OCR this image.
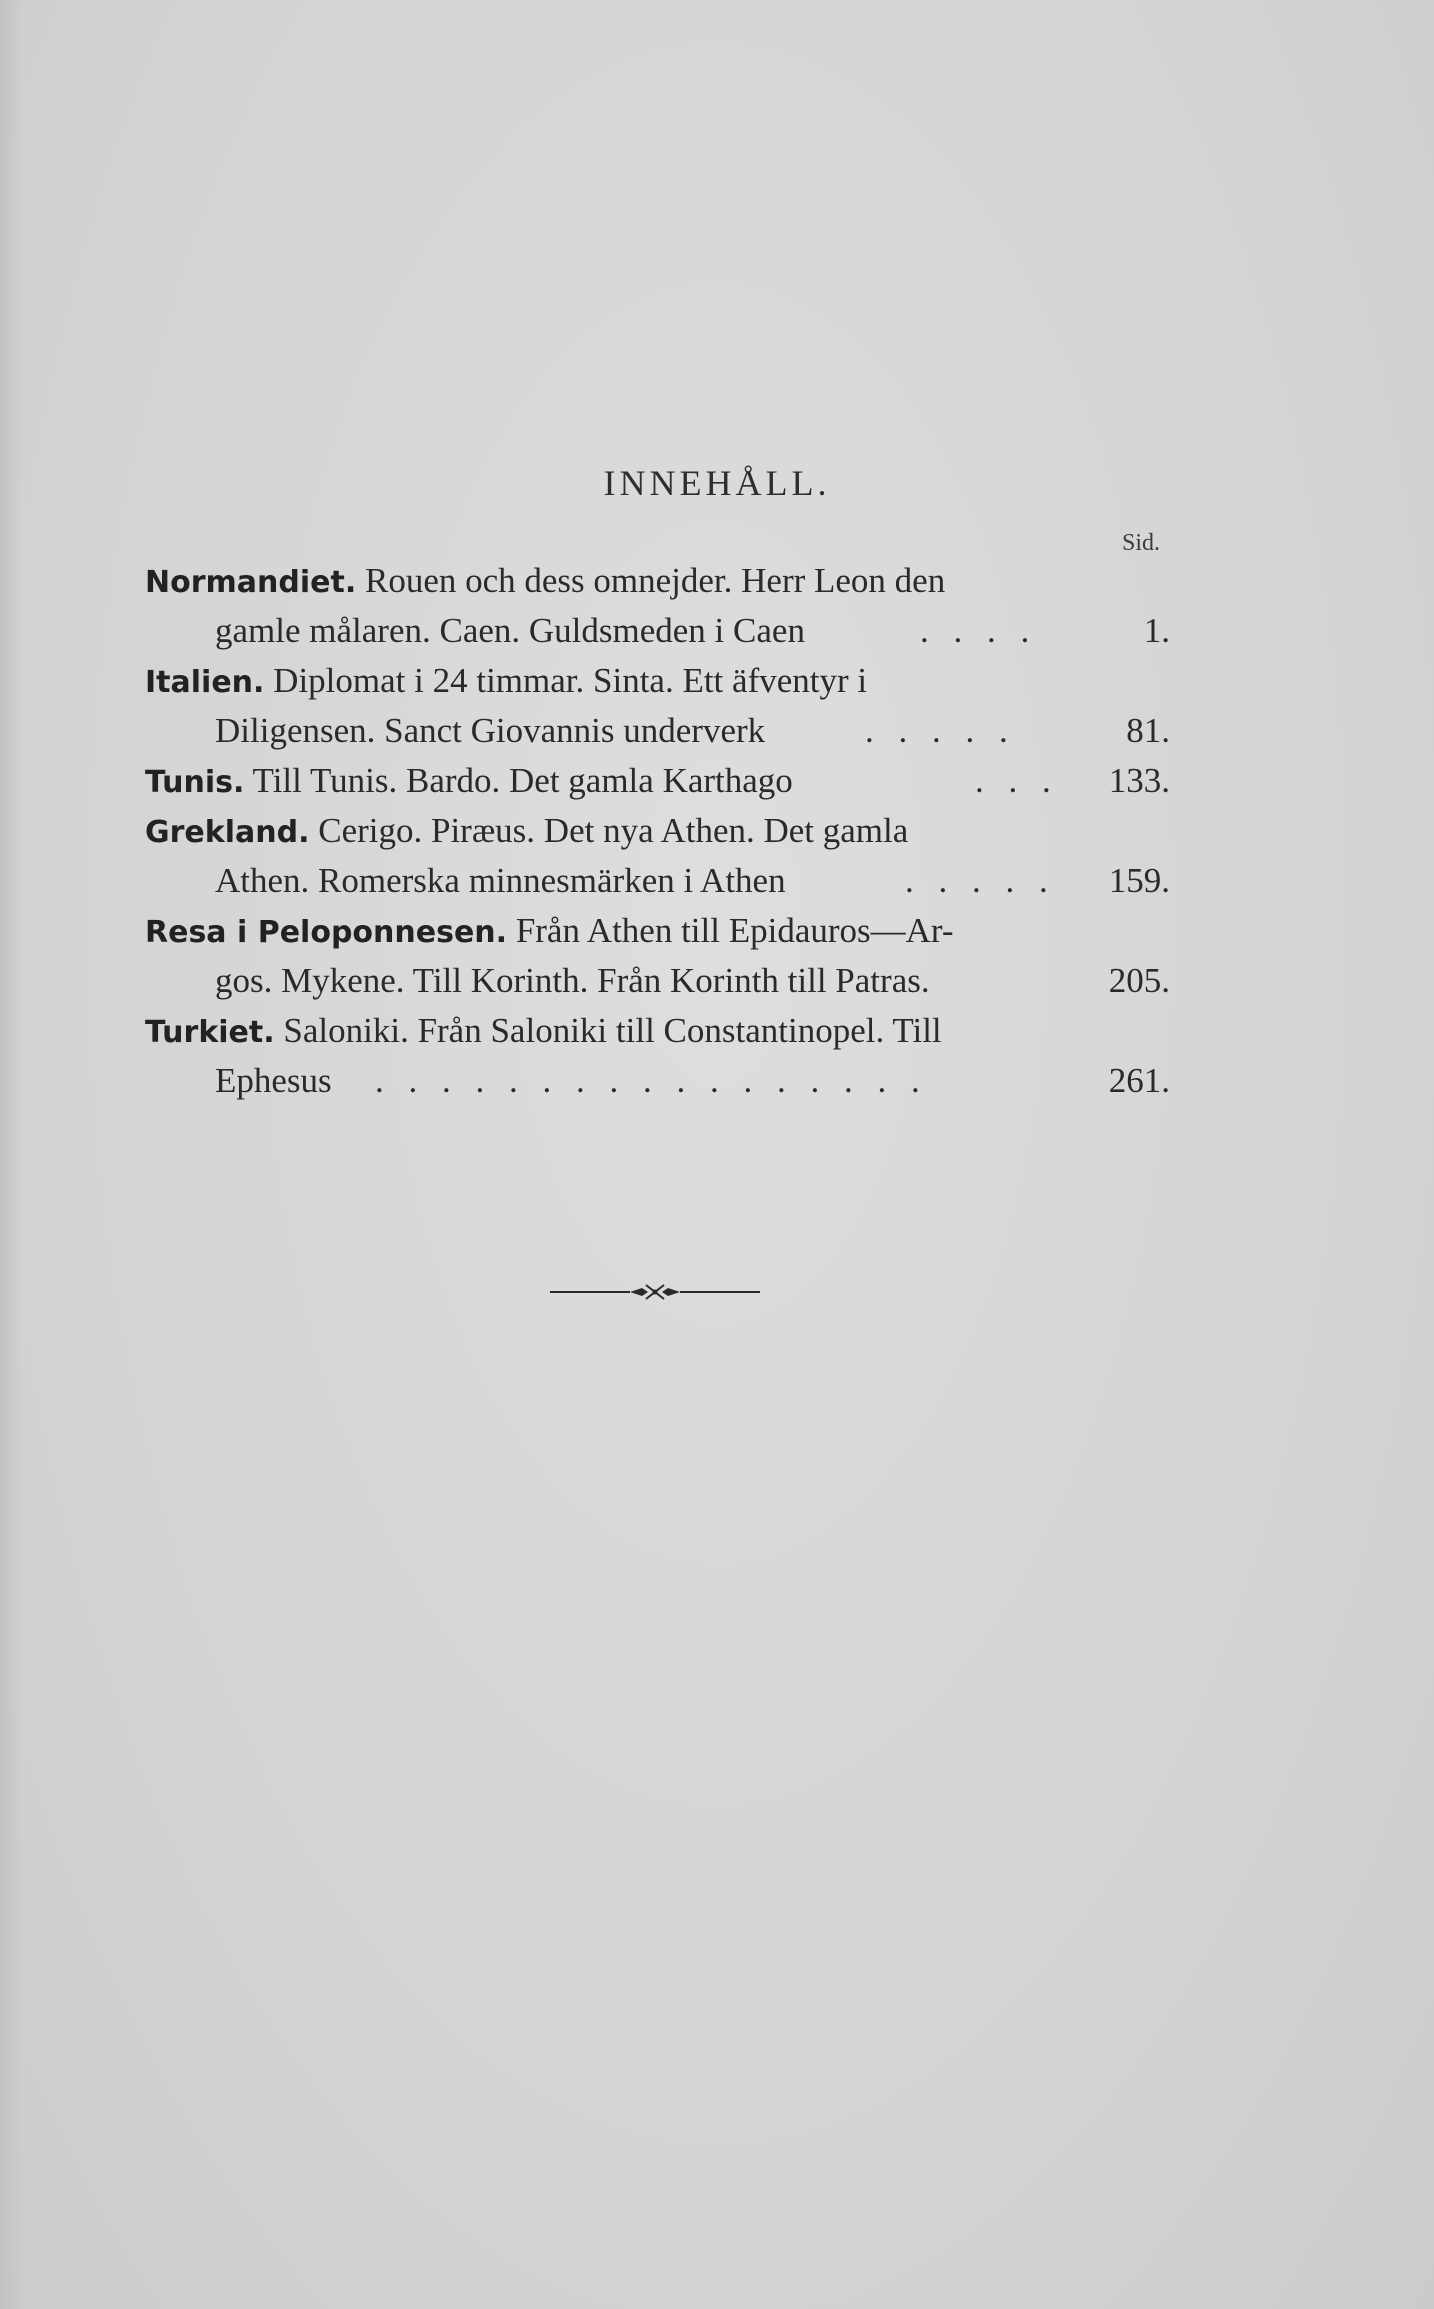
INNEHÅLL.
Sid.
Normandiet. Rouen och dess omnejder. Herr Leon den
gamle målaren. Caen. Guldsmeden i Caen	. . . .	1.
Italien. Diplomat i 24 timmar. Sinta. Ett äfventyr i
Diligensen. Sanct Giovannis underverk	. . . . .	81.
Tunis. Till Tunis. Bardo. Det gamla Karthago	. . .	133.
Grekland. Cerigo. Piræus. Det nya Athen. Det gamla
Athen. Romerska minnesmärken i Athen	. . . . .	159.
Resa i Peloponnesen. Från Athen till Epidauros—Ar-
gos. Mykene. Till Korinth. Från Korinth till Patras.	205.
Turkiet. Saloniki. Från Saloniki till Constantinopel. Till
Ephesus . . . . . . . . . . . . . . . . .	261.
